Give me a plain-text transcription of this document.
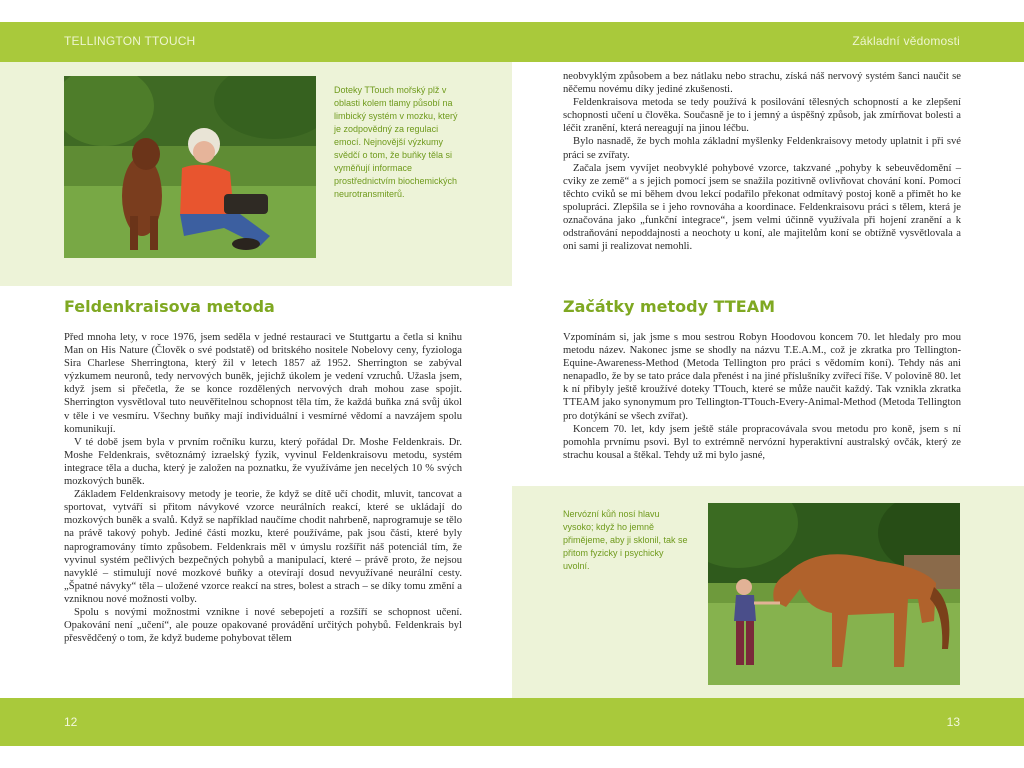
TELLINGTON TTOUCH	Základní vědomosti
Doteky TTouch mořský plž v oblasti kolem tlamy působí na limbický systém v mozku, který je zodpovědný za regulaci emocí. Nejnovější výzkumy svědčí o tom, že buňky těla si vyměňují informace prostřednictvím biochemických neurotransmiterů.
Feldenkraisova metoda

Před mnoha lety, v roce 1976, jsem seděla v jedné restauraci ve Stuttgartu a četla si knihu Man on His Nature (Člověk o své podstatě) od britského nositele Nobelovy ceny, fyziologa Sira Charlese Sherringtona, který žil v letech 1857 až 1952. Sherrington se zabýval výzkumem neuronů, tedy nervových buněk, jejichž úkolem je vedení vzruchů. Užasla jsem, když jsem si přečetla, že se konce rozdělených nervových drah mohou zase spojit. Sherrington vysvětloval tuto neuvěřitelnou schopnost těla tím, že každá buňka zná svůj úkol v těle i ve vesmíru. Všechny buňky mají individuální i vesmírné vědomí a navzájem spolu komunikují.

V té době jsem byla v prvním ročníku kurzu, který pořádal Dr. Moshe Feldenkrais. Dr. Moshe Feldenkrais, světoznámý izraelský fyzik, vyvinul Feldenkraisovu metodu, systém integrace těla a ducha, který je založen na poznatku, že využíváme jen necelých 10 % svých mozkových buněk.

Základem Feldenkraisovy metody je teorie, že když se dítě učí chodit, mluvit, tancovat a sportovat, vytváří si přitom návykové vzorce neurálních reakcí, které se ukládají do mozkových buněk a svalů. Když se například naučíme chodit nahrbeně, naprogramuje se tělo na právě takový pohyb. Jediné části mozku, které používáme, pak jsou části, které byly naprogramovány tímto způsobem. Feldenkrais měl v úmyslu rozšířit náš potenciál tím, že vyvinul systém pečlivých bezpečných pohybů a manipulací, které – právě proto, že nejsou navyklé – stimulují nové mozkové buňky a otevírají dosud nevyužívané neurální cesty. „Špatné návyky“ těla – uložené vzorce reakcí na stres, bolest a strach – se díky tomu změní a vzniknou nové možnosti volby.

Spolu s novými možnostmi vznikne i nové sebepojetí a rozšíří se schopnost učení. Opakování není „učení“, ale pouze opakované provádění určitých pohybů. Feldenkrais byl přesvědčený o tom, že když budeme pohybovat tělem

neobvyklým způsobem a bez nátlaku nebo strachu, získá náš nervový systém šanci naučit se něčemu novému díky jediné zkušenosti.

Feldenkraisova metoda se tedy používá k posilování tělesných schopností a ke zlepšení schopnosti učení u člověka. Současně je to i jemný a úspěšný způsob, jak zmírňovat bolesti a léčit zranění, která nereagují na jinou léčbu.

Bylo nasnadě, že bych mohla základní myšlenky Feldenkraisovy metody uplatnit i při své práci se zvířaty.

Začala jsem vyvíjet neobvyklé pohybové vzorce, takzvané „pohyby k sebeuvědomění – cviky ze země“ a s jejich pomocí jsem se snažila pozitivně ovlivňovat chování koní. Pomocí těchto cviků se mi během dvou lekcí podařilo překonat odmítavý postoj koně a přimět ho ke spolupráci. Zlepšila se i jeho rovnováha a koordinace. Feldenkraisovu práci s tělem, která je označována jako „funkční integrace“, jsem velmi účinně využívala při hojení zranění a k odstraňování nepoddajnosti a neochoty u koní, ale majitelům koní se obtížně vysvětlovala a oni sami ji realizovat nemohli.

Začátky metody TTEAM

Vzpomínám si, jak jsme s mou sestrou Robyn Hoodovou koncem 70. let hledaly pro mou metodu název. Nakonec jsme se shodly na názvu T.E.A.M., což je zkratka pro Tellington-Equine-Awareness-Method (Metoda Tellington pro práci s vědomím koní). Tehdy nás ani nenapadlo, že by se tato práce dala přenést i na jiné příslušníky zvířecí říše. V polovině 80. let k ní přibyly ještě kroužívé doteky TTouch, které se může naučit každý. Tak vznikla zkratka TTEAM jako synonymum pro Tellington-TTouch-Every-Animal-Method (Metoda Tellington pro dotýkání se všech zvířat).

Koncem 70. let, kdy jsem ještě stále propracovávala svou metodu pro koně, jsem s ní pomohla prvnímu psovi. Byl to extrémně nervózní hyperaktivní australský ovčák, který ze strachu kousal a štěkal. Tehdy už mi bylo jasné,

Nervózní kůň nosí hlavu vysoko; když ho jemně přimějeme, aby ji sklonil, tak se přitom fyzicky i psychicky uvolní.
12	13
